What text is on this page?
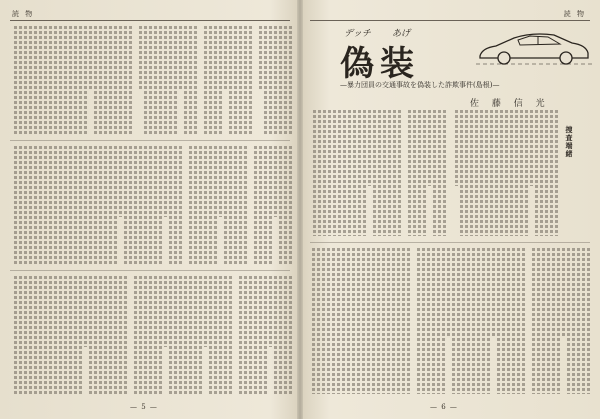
読 物
— 5 —
読 物
デッチ あげ
偽装
—暴力団員の交通事故を偽装した詐欺事件(島根)—
佐 藤 信 光
捜査端緒
— 6 —
